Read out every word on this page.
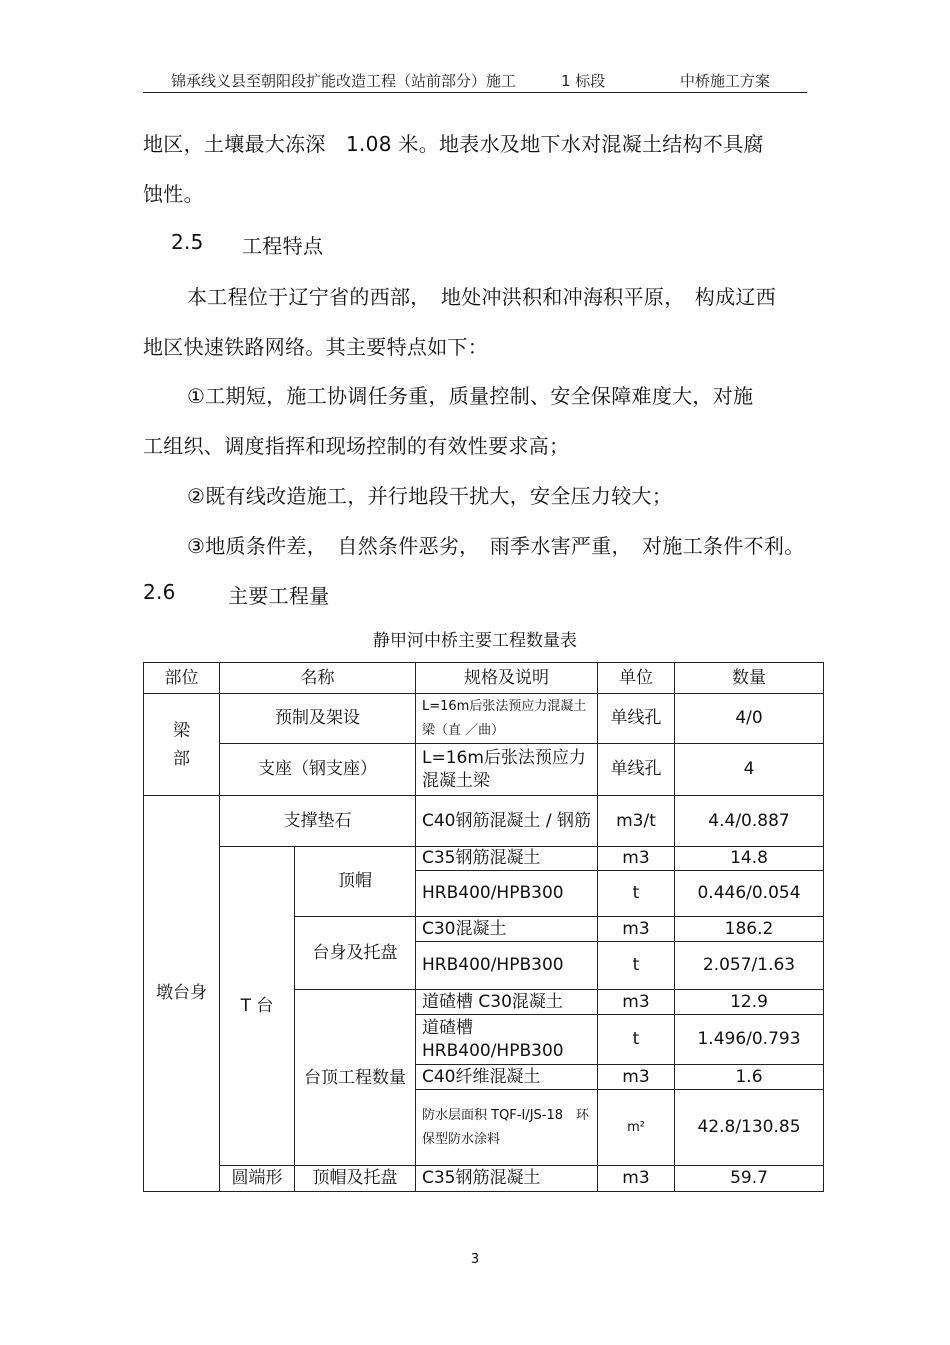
锦承线义县至朝阳段扩能改造工程（站前部分）施工	1 标段	中桥施工方案
地区，土壤最大冻深　1.08 米。地表水及地下水对混凝土结构不具腐
蚀性。
2.5 工程特点
本工程位于辽宁省的西部，　地处冲洪积和冲海积平原，　构成辽西
地区快速铁路网络。其主要特点如下：
①工期短，施工协调任务重，质量控制、安全保障难度大，对施
工组织、调度指挥和现场控制的有效性要求高；
②既有线改造施工，并行地段干扰大，安全压力较大；
③地质条件差，　自然条件恶劣，　雨季水害严重，　对施工条件不利。
2.6	主要工程量
静甲河中桥主要工程数量表
部位	名称		规格及说明	单位	数量
梁
部	预制及架设		L=16m后张法预应力混凝土梁（直 ／曲）	单线孔	4/0
	支座（钢支座）		L=16m后张法预应力混凝土梁	单线孔	4
墩台身	支撑垫石		C40钢筋混凝土 / 钢筋	m3/t	4.4/0.887
	T 台	顶帽	C35钢筋混凝土	m3	14.8
			HRB400/HPB300	t	0.446/0.054
		台身及托盘	C30混凝土	m3	186.2
			HRB400/HPB300	t	2.057/1.63
		台顶工程数量	道碴槽 C30混凝土	m3	12.9
			道碴槽 HRB400/HPB300	t	1.496/0.793
			C40纤维混凝土	m3	1.6
			防水层面积 TQF-I/JS-18　环保型防水涂料	m²	42.8/130.85
	圆端形	顶帽及托盘	C35钢筋混凝土	m3	59.7
3
